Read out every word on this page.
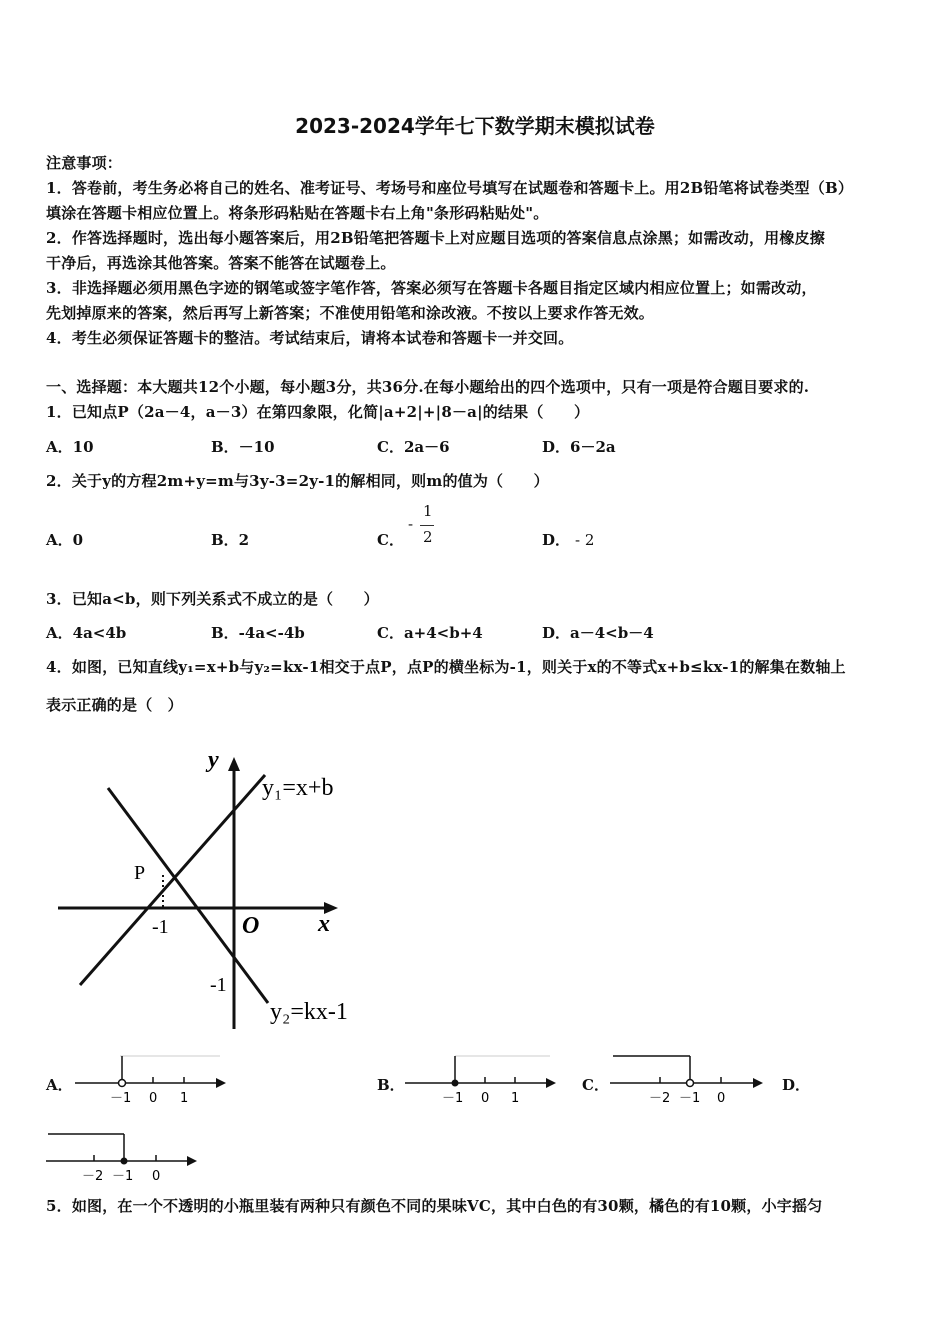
2023-2024学年七下数学期末模拟试卷
注意事项：
1．答卷前，考生务必将自己的姓名、准考证号、考场号和座位号填写在试题卷和答题卡上。用2B铅笔将试卷类型（B）
填涂在答题卡相应位置上。将条形码粘贴在答题卡右上角"条形码粘贴处"。
2．作答选择题时，选出每小题答案后，用2B铅笔把答题卡上对应题目选项的答案信息点涂黑；如需改动，用橡皮擦
干净后，再选涂其他答案。答案不能答在试题卷上。
3．非选择题必须用黑色字迹的钢笔或签字笔作答，答案必须写在答题卡各题目指定区域内相应位置上；如需改动，
先划掉原来的答案，然后再写上新答案；不准使用铅笔和涂改液。不按以上要求作答无效。
4．考生必须保证答题卡的整洁。考试结束后，请将本试卷和答题卡一并交回。
一、选择题：本大题共12个小题，每小题3分，共36分.在每小题给出的四个选项中，只有一项是符合题目要求的.
1．已知点P（2a－4，a－3）在第四象限，化简|a+2|+|8－a|的结果（　　）
A．10	B．－10	C．2a－6	D．6－2a
2．关于y的方程2m+y=m与3y-3=2y-1的解相同，则m的值为（　　）
A．0	B．2	C．
-
1
2	D． - 2
3．已知a<b，则下列关系式不成立的是（　　）
A．4a<4b	B．-4a<-4b	C．a+4<b+4	D．a－4<b－4
4．如图，已知直线y₁=x+b与y₂=kx-1相交于点P，点P的横坐标为-1，则关于x的不等式x+b≤kx-1的解集在数轴上
表示正确的是（　）
y
x
O
y₁=x+b
y₂=kx-1
P
-1
-1
A．
－1 0 1
B．
－1 0 1
C．
－2 －1 0
D．
－2 －1 0
5．如图，在一个不透明的小瓶里装有两种只有颜色不同的果味VC，其中白色的有30颗，橘色的有10颗，小宇摇匀
